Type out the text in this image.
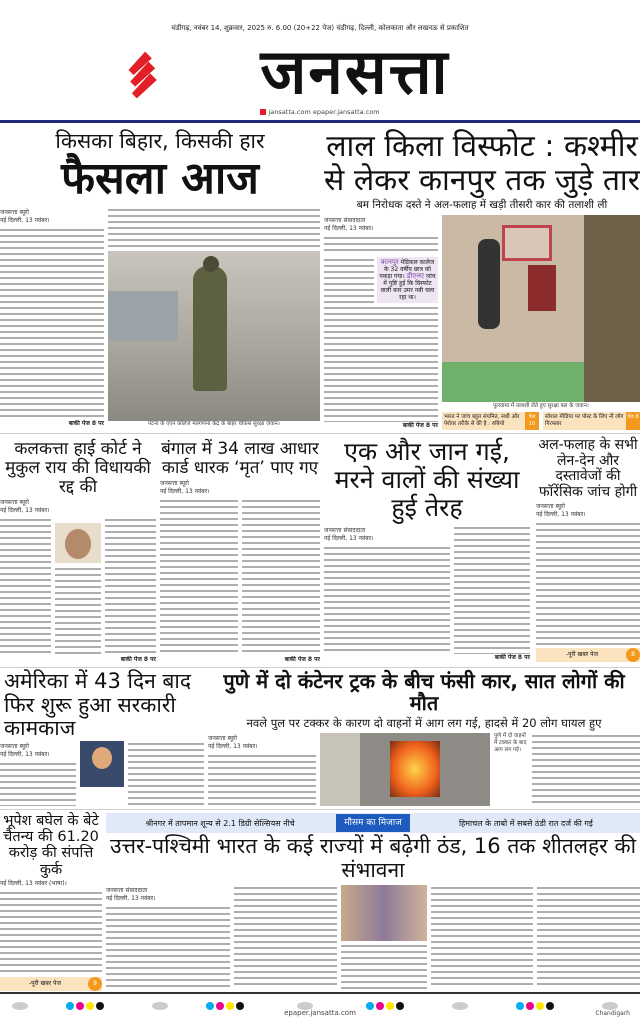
चंडीगढ़, नवंबर 14, शुक्रवार, 2025 रु. 6.00 (20+22 पेज) चंडीगढ़, दिल्ली, कोलकाता और लखनऊ से प्रकाशित
जनसत्ता
jansatta.com epaper.jansatta.com
किसका बिहार, किसकी हार
फैसला आज
जनसत्ता ब्यूरो
नई दिल्ली, 13 नवंबर।
बाकी पेज 8 पर	पटना के एएन कॉलेज मतगणना केंद्र के बाहर चौकस सुरक्षा जवान।
लाल किला विस्फोट : कश्मीर
से लेकर कानपुर तक जुड़े तार
बम निरोधक दस्ते ने अल-फलाह में खड़ी तीसरी कार की तलाशी ली
जनसत्ता संवाददाता
नई दिल्ली, 13 नवंबर।
कानपुर मेडिकल कालेज के 32 वर्षीय छात्र को पकड़ा गया। डीएनए जांच में पुष्टि हुई कि विस्फोट वाली कार उमर नबी चला रहा था।
बाकी पेज 8 पर
पुलवामा में तलाशी लेते हुए सुरक्षा बल के जवान।
भारत ने जांच बहुत संयमित, सधी और पेशेवर तरीके से की है : रुबियो
पेज 10
सोशल मीडिया पर पोस्ट के लिए नौ लोग गिरफ्तार
पेज 8
एक और जान गई, मरने वालों की संख्या हुई तेरह
जनसत्ता संवाददाता
नई दिल्ली, 13 नवंबर।
बाकी पेज 8 पर
अल-फलाह के सभी लेन-देन और दस्तावेजों की फॉरेंसिक जांच होगी
जनसत्ता ब्यूरो
नई दिल्ली, 13 नवंबर।
-पूरी खबर पेज	8
कलकत्ता हाई कोर्ट ने मुकुल राय की विधायकी रद्द की
जनसत्ता ब्यूरो
नई दिल्ली, 13 नवंबर।
बाकी पेज 8 पर
बंगाल में 34 लाख आधार कार्ड धारक ‘मृत’ पाए गए
जनसत्ता ब्यूरो
नई दिल्ली, 13 नवंबर।
बाकी पेज 8 पर
अमेरिका में 43 दिन बाद फिर शुरू हुआ सरकारी कामकाज
जनसत्ता ब्यूरो
नई दिल्ली, 13 नवंबर।
पुणे में दो कंटेनर ट्रक के बीच फंसी कार, सात लोगों की मौत
नवले पुल पर टक्कर के कारण दो वाहनों में आग लग गई, हादसे में 20 लोग घायल हुए
जनसत्ता ब्यूरो
नई दिल्ली, 13 नवंबर।
पुणे में दो वाहनों में टक्कर के बाद आग लग गई।
भूपेश बघेल के बेटे चैतन्य की 61.20 करोड़ की संपत्ति कुर्क
नई दिल्ली, 13 नवंबर (भाषा)।
-पूरी खबर पेज	9
श्रीनगर में तापमान शून्य से 2.1 डिग्री सेल्सियस नीचे	मौसम का मिजाज	हिमाचल के ताबो में सबसे ठंडी रात दर्ज की गई
उत्तर-पश्चिमी भारत के कई राज्यों में बढ़ेगी ठंड, 16 तक शीतलहर की संभावना
जनसत्ता संवाददाता
नई दिल्ली, 13 नवंबर।
epaper.jansatta.com	Chandigarh
